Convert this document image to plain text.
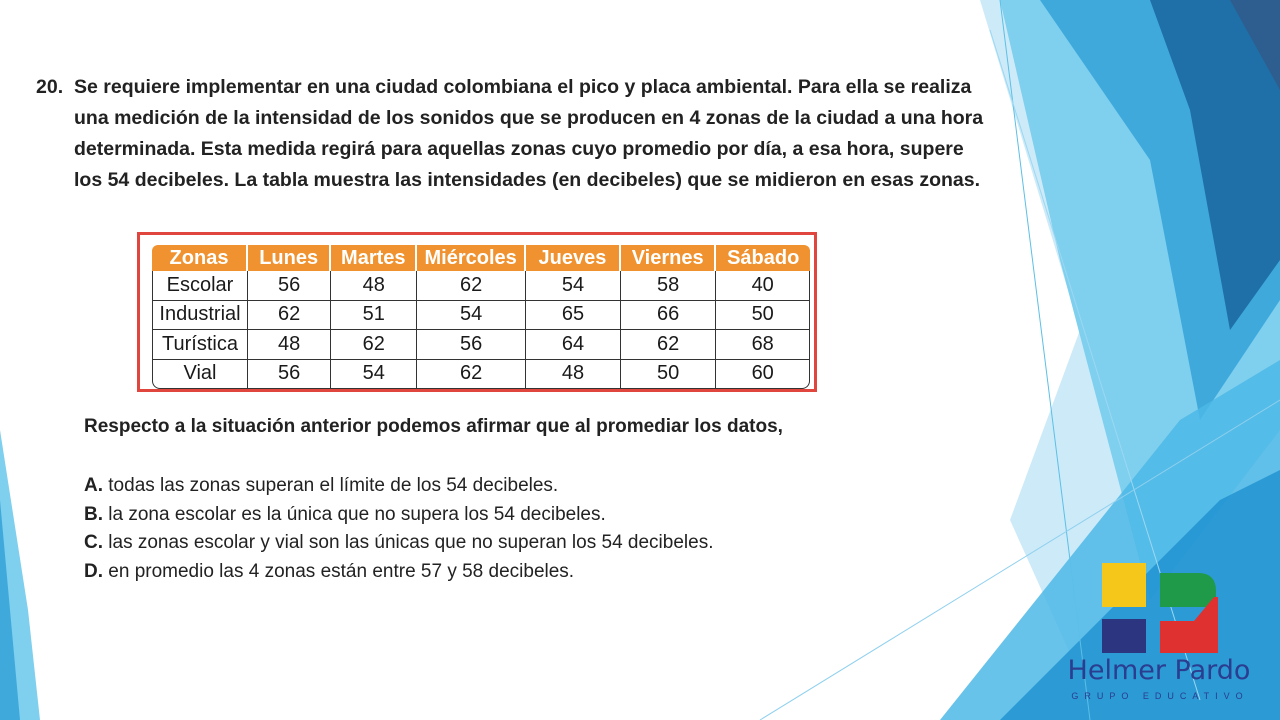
20. Se requiere implementar en una ciudad colombiana el pico y placa ambiental. Para ella se realiza una medición de la intensidad de los sonidos que se producen en 4 zonas de la ciudad a una hora determinada. Esta medida regirá para aquellas zonas cuyo promedio por día, a esa hora, supere los 54 decibeles. La tabla muestra las intensidades (en decibeles) que se midieron en esas zonas.
Zonas	Lunes	Martes	Miércoles	Jueves	Viernes	Sábado
Escolar	56	48	62	54	58	40
Industrial	62	51	54	65	66	50
Turística	48	62	56	64	62	68
Vial	56	54	62	48	50	60
Respecto a la situación anterior podemos afirmar que al promediar los datos,
A. todas las zonas superan el límite de los 54 decibeles.
B. la zona escolar es la única que no supera los 54 decibeles.
C. las zonas escolar y vial son las únicas que no superan los 54 decibeles.
D. en promedio las 4 zonas están entre 57 y 58 decibeles.
Helmer Pardo
GRUPO EDUCATIVO
